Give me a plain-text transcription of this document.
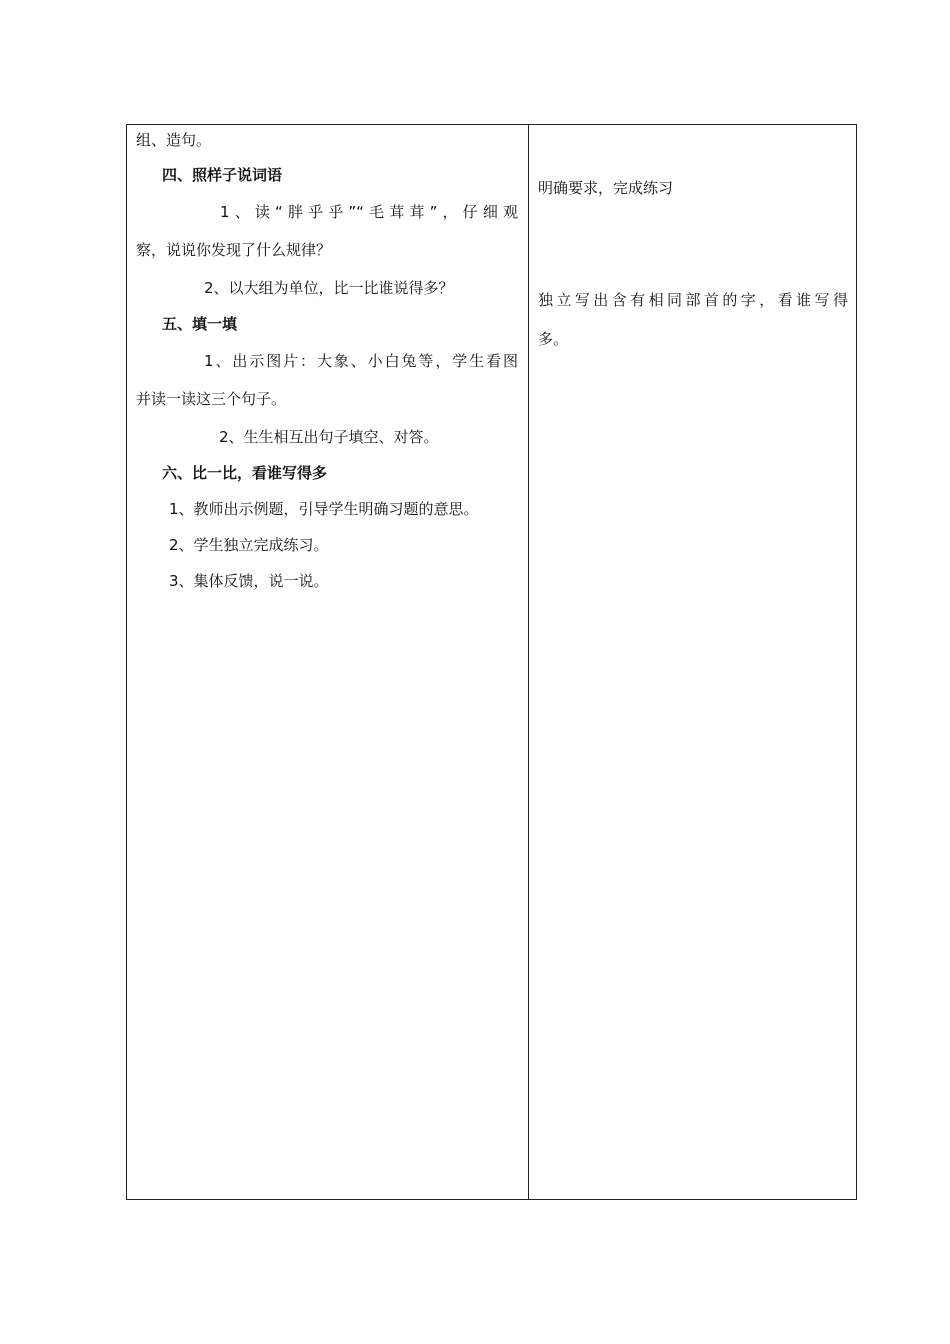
组、造句。
四、照样子说词语
1、读“胖乎乎”“毛茸茸”，仔细观
察，说说你发现了什么规律？
2、以大组为单位，比一比谁说得多？
五、填一填
1、出示图片：大象、小白兔等，学生看图
并读一读这三个句子。
2、生生相互出句子填空、对答。
六、比一比，看谁写得多
1、教师出示例题，引导学生明确习题的意思。
2、学生独立完成练习。
3、集体反馈，说一说。
明确要求，完成练习
独立写出含有相同部首的字，看谁写得
多。
